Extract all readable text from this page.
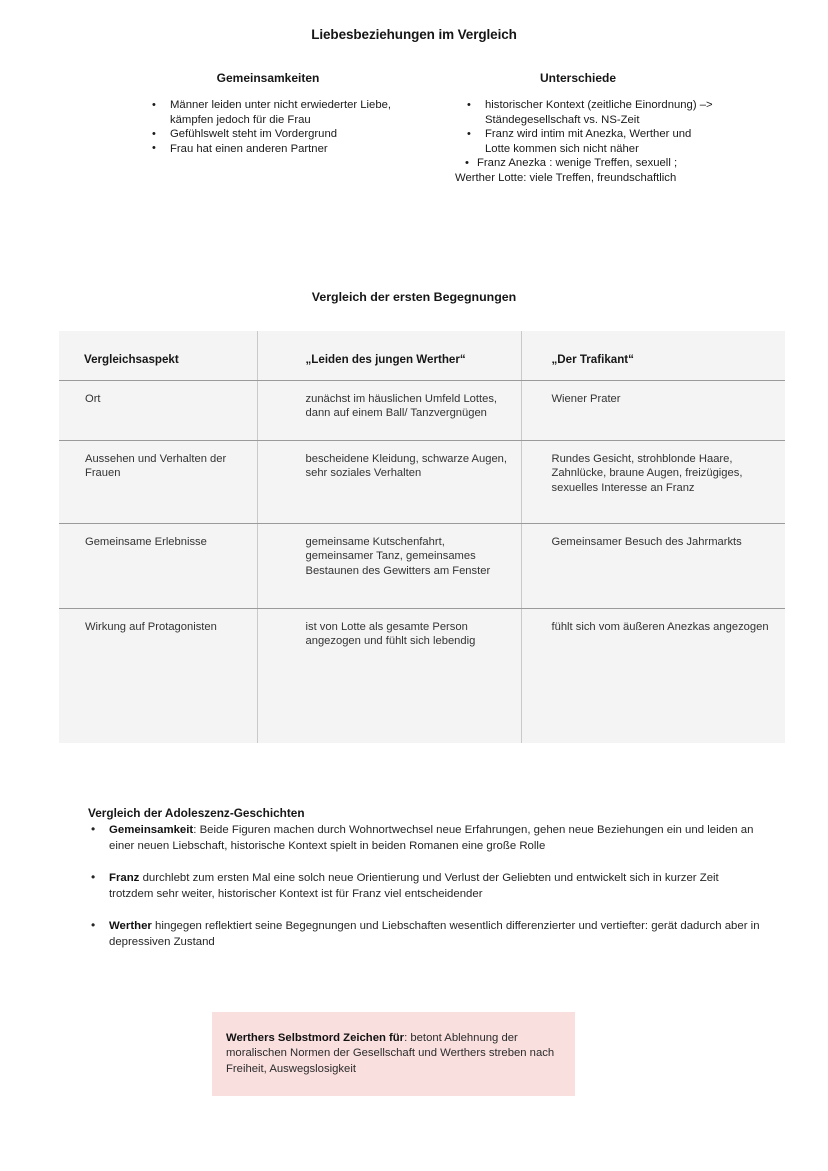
Liebesbeziehungen im Vergleich
Gemeinsamkeiten
• Männer leiden unter nicht erwiederter Liebe, kämpfen jedoch für die Frau
• Gefühlswelt steht im Vordergrund
• Frau hat einen anderen Partner
Unterschiede
• historischer Kontext (zeitliche Einordnung) –> Ständegesellschaft vs. NS-Zeit
• Franz wird intim mit Anezka, Werther und Lotte kommen sich nicht näher
• Franz Anezka : wenige Treffen, sexuell ; Werther Lotte: viele Treffen, freundschaftlich
Vergleich der ersten Begegnungen
Vergleichsaspekt	„Leiden des jungen Werther“	„Der Trafikant“
Ort	zunächst im häuslichen Umfeld Lottes, dann auf einem Ball/ Tanzvergnügen	Wiener Prater
Aussehen und Verhalten der Frauen	bescheidene Kleidung, schwarze Augen, sehr soziales Verhalten	Rundes Gesicht, strohblonde Haare, Zahnlücke, braune Augen, freizügiges, sexuelles Interesse an Franz
Gemeinsame Erlebnisse	gemeinsame Kutschenfahrt, gemeinsamer Tanz, gemeinsames Bestaunen des Gewitters am Fenster	Gemeinsamer Besuch des Jahrmarkts
Wirkung auf Protagonisten	ist von Lotte als gesamte Person angezogen und fühlt sich lebendig	fühlt sich vom äußeren Anezkas angezogen
Vergleich der Adoleszenz-Geschichten
• Gemeinsamkeit: Beide Figuren machen durch Wohnortwechsel neue Erfahrungen, gehen neue Beziehungen ein und leiden an einer neuen Liebschaft, historische Kontext spielt in beiden Romanen eine große Rolle
• Franz durchlebt zum ersten Mal eine solch neue Orientierung und Verlust der Geliebten und entwickelt sich in kurzer Zeit trotzdem sehr weiter, historischer Kontext ist für Franz viel entscheidender
• Werther hingegen reflektiert seine Begegnungen und Liebschaften wesentlich differenzierter und vertiefter: gerät dadurch aber in depressiven Zustand
Werthers Selbstmord Zeichen für: betont Ablehnung der moralischen Normen der Gesellschaft und Werthers streben nach Freiheit, Auswegslosigkeit
